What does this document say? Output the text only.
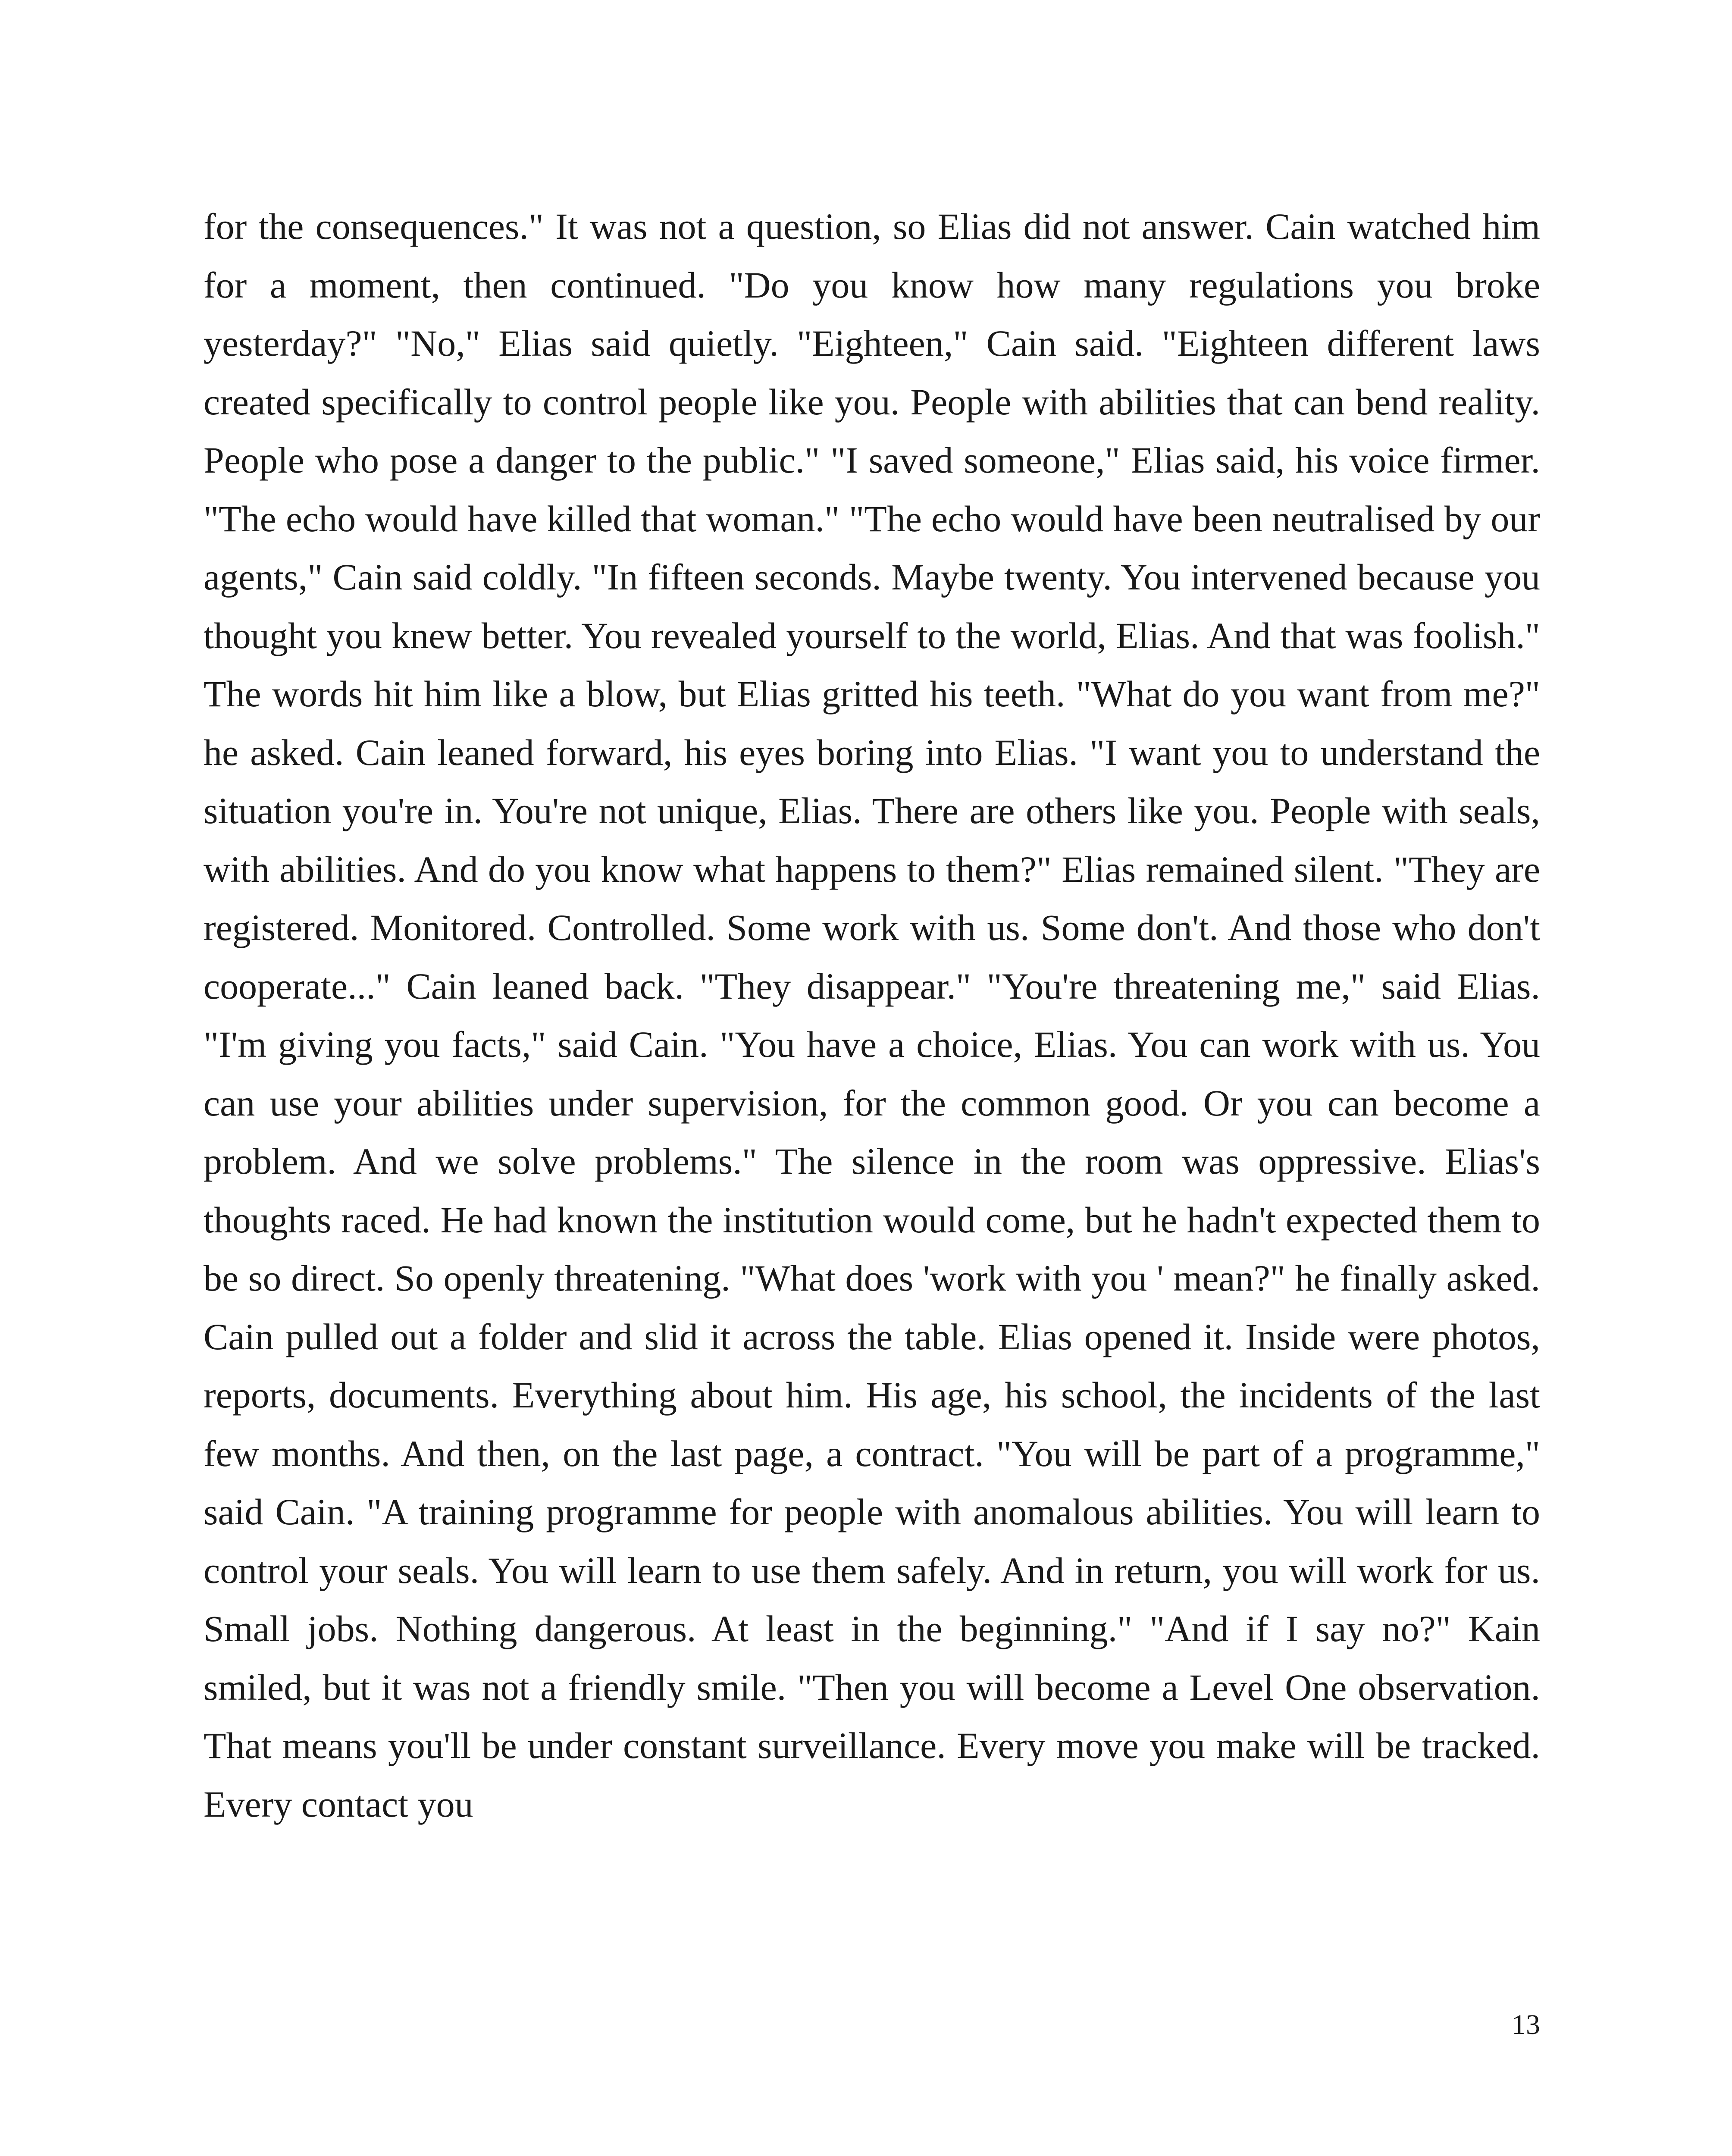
for the consequences." It was not a question, so Elias did not answer. Cain watched him for a moment, then continued. "Do you know how many regulations you broke yesterday?" "No," Elias said quietly. "Eighteen," Cain said. "Eighteen different laws created specifically to control people like you. People with abilities that can bend reality. People who pose a danger to the public." "I saved someone," Elias said, his voice firmer. "The echo would have killed that woman." "The echo would have been neutralised by our agents," Cain said coldly. "In fifteen seconds. Maybe twenty. You intervened because you thought you knew better. You revealed yourself to the world, Elias. And that was foolish." The words hit him like a blow, but Elias gritted his teeth. "What do you want from me?" he asked. Cain leaned forward, his eyes boring into Elias. "I want you to understand the situation you're in. You're not unique, Elias. There are others like you. People with seals, with abilities. And do you know what happens to them?" Elias remained silent. "They are registered. Monitored. Controlled. Some work with us. Some don't. And those who don't cooperate..." Cain leaned back. "They disappear." "You're threatening me," said Elias. "I'm giving you facts," said Cain. "You have a choice, Elias. You can work with us. You can use your abilities under supervision, for the common good. Or you can become a problem. And we solve problems." The silence in the room was oppressive. Elias's thoughts raced. He had known the institution would come, but he hadn't expected them to be so direct. So openly threatening. "What does 'work with you ' mean?" he finally asked. Cain pulled out a folder and slid it across the table. Elias opened it. Inside were photos, reports, documents. Everything about him. His age, his school, the incidents of the last few months. And then, on the last page, a contract. "You will be part of a programme," said Cain. "A training programme for people with anomalous abilities. You will learn to control your seals. You will learn to use them safely. And in return, you will work for us. Small jobs. Nothing dangerous. At least in the beginning." "And if I say no?" Kain smiled, but it was not a friendly smile. "Then you will become a Level One observation. That means you'll be under constant surveillance. Every move you make will be tracked. Every contact you

13
